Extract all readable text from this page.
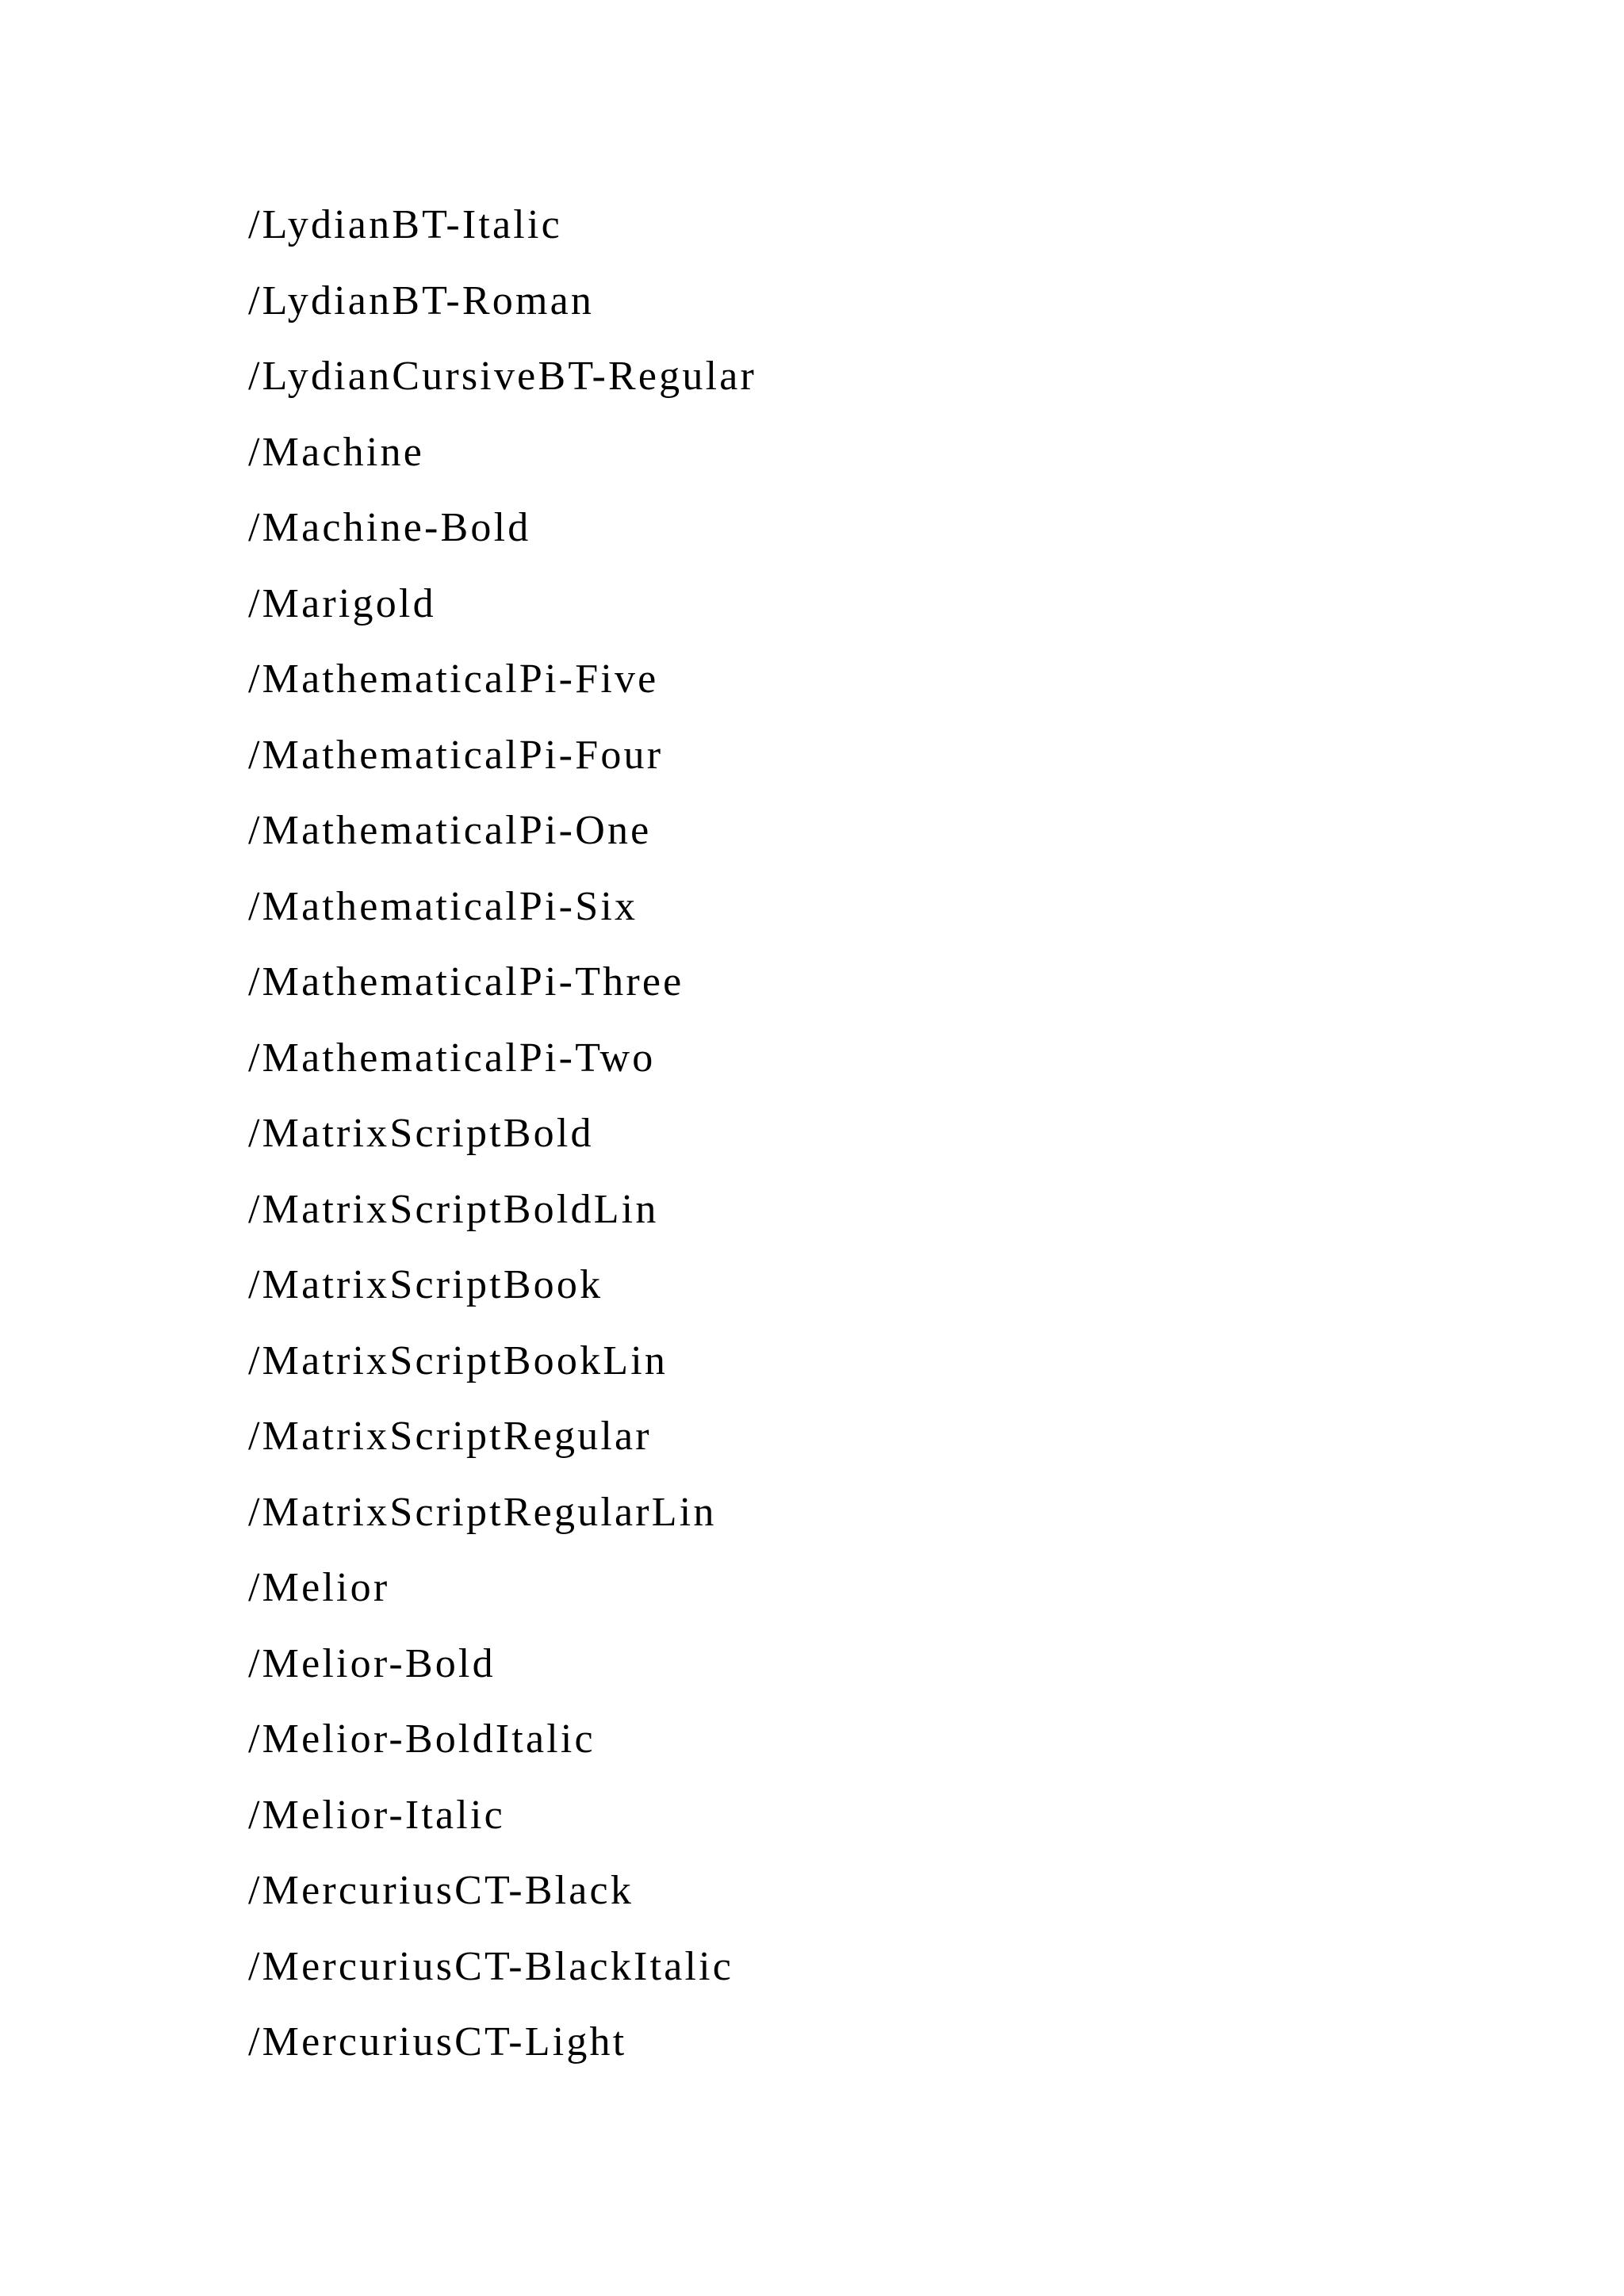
/LydianBT-Italic
/LydianBT-Roman
/LydianCursiveBT-Regular
/Machine
/Machine-Bold
/Marigold
/MathematicalPi-Five
/MathematicalPi-Four
/MathematicalPi-One
/MathematicalPi-Six
/MathematicalPi-Three
/MathematicalPi-Two
/MatrixScriptBold
/MatrixScriptBoldLin
/MatrixScriptBook
/MatrixScriptBookLin
/MatrixScriptRegular
/MatrixScriptRegularLin
/Melior
/Melior-Bold
/Melior-BoldItalic
/Melior-Italic
/MercuriusCT-Black
/MercuriusCT-BlackItalic
/MercuriusCT-Light
